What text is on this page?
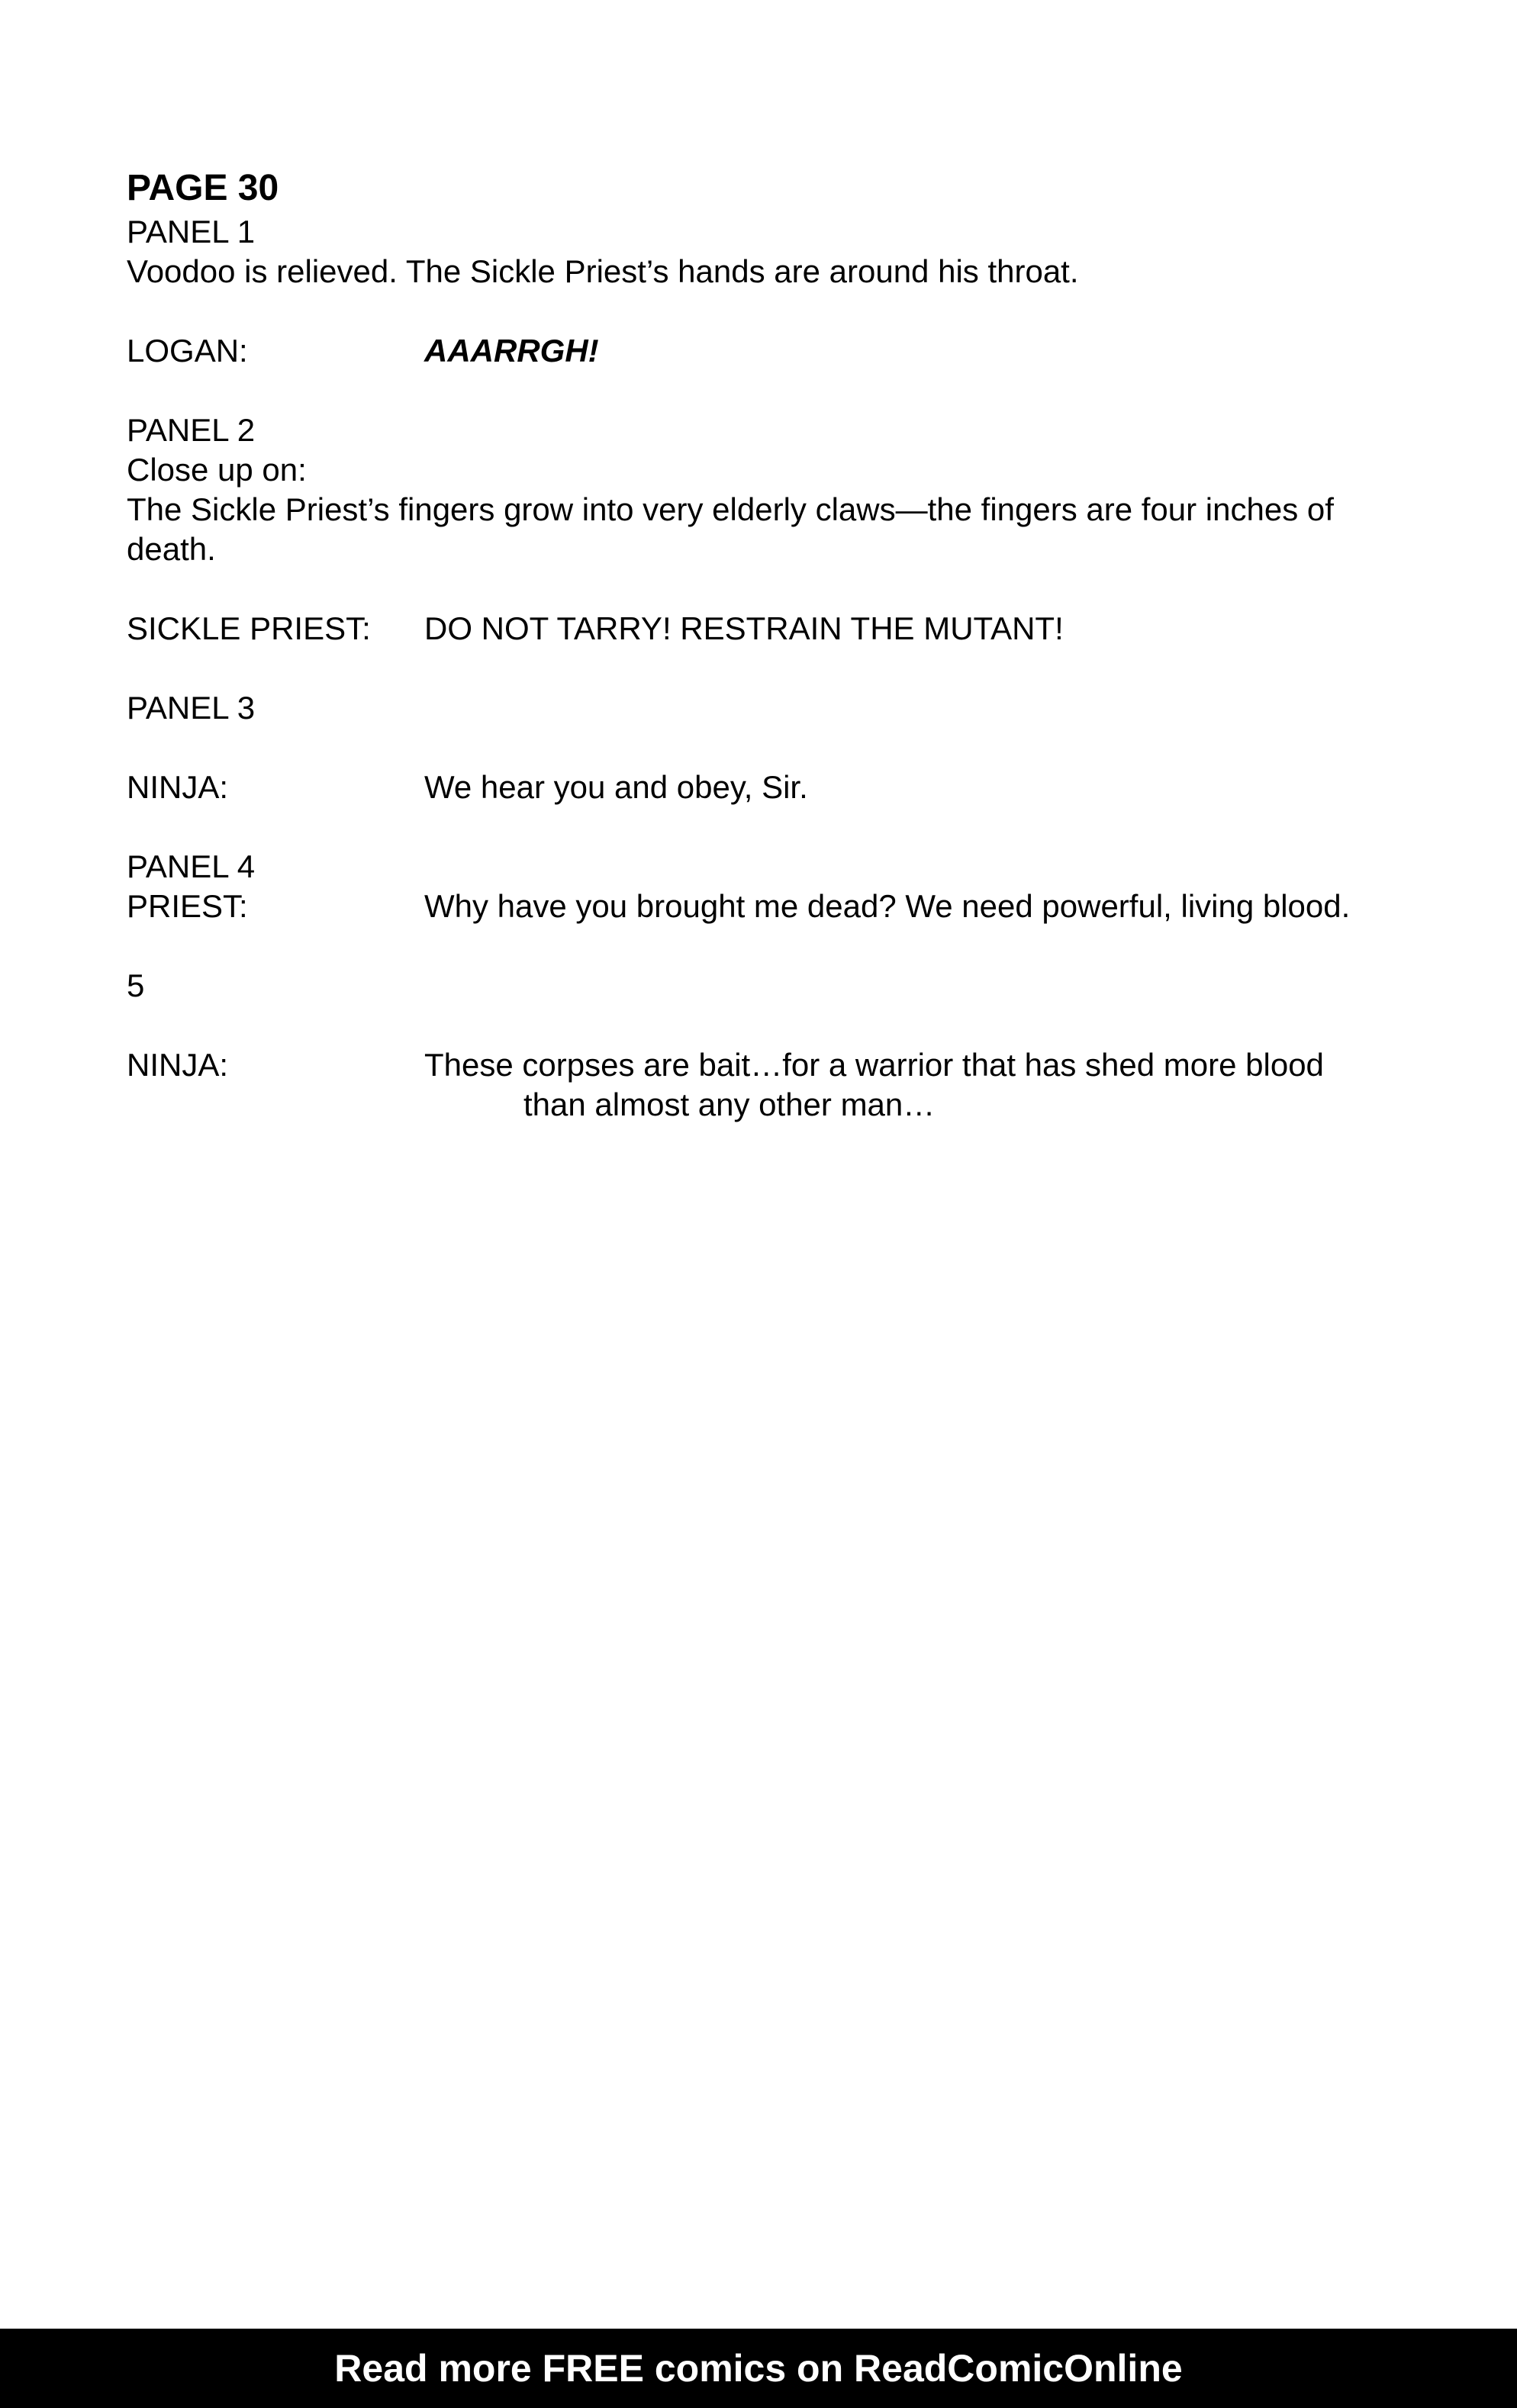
PAGE 30
PANEL 1
Voodoo is relieved. The Sickle Priest’s hands are around his throat.
LOGAN:	AAARRGH!
PANEL 2
Close up on:
The Sickle Priest’s fingers grow into very elderly claws—the fingers are four inches of death.
SICKLE PRIEST: DO NOT TARRY! RESTRAIN THE MUTANT!
PANEL 3
NINJA:	We hear you and obey, Sir.
PANEL 4
PRIEST:	Why have you brought me dead? We need powerful, living blood.
5
NINJA:	These corpses are bait…for a warrior that has shed more blood
than almost any other man…
Read more FREE comics on ReadComicOnline
